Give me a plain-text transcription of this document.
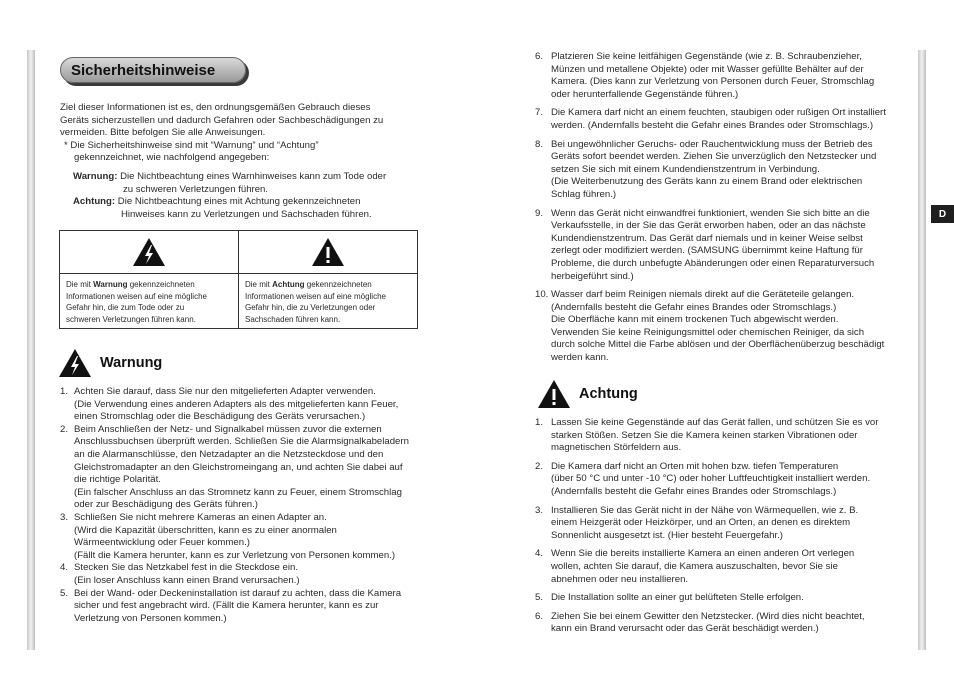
D
Sicherheitshinweise
Ziel dieser Informationen ist es, den ordnungsgemäßen Gebrauch dieses
Geräts sicherzustellen und dadurch Gefahren oder Sachbeschädigungen zu
vermeiden. Bitte befolgen Sie alle Anweisungen.
* Die Sicherheitshinweise sind mit “Warnung” und “Achtung”
gekennzeichnet, wie nachfolgend angegeben:
Warnung: Die Nichtbeachtung eines Warnhinweises kann zum Tode oder
zu schweren Verletzungen führen.
Achtung: Die Nichtbeachtung eines mit Achtung gekennzeichneten
Hinweises kann zu Verletzungen und Sachschaden führen.
Die mit Warnung gekennzeichneten
Informationen weisen auf eine mögliche
Gefahr hin, die zum Tode oder zu
schweren Verletzungen führen kann.
Die mit Achtung gekennzeichneten
Informationen weisen auf eine mögliche
Gefahr hin, die zu Verletzungen oder
Sachschaden führen kann.
Warnung
1. Achten Sie darauf, dass Sie nur den mitgelieferten Adapter verwenden.
(Die Verwendung eines anderen Adapters als des mitgelieferten kann Feuer,
einen Stromschlag oder die Beschädigung des Geräts verursachen.)
2. Beim Anschließen der Netz- und Signalkabel müssen zuvor die externen
Anschlussbuchsen überprüft werden. Schließen Sie die Alarmsignalkabeladern
an die Alarmanschlüsse, den Netzadapter an die Netzsteckdose und den
Gleichstromadapter an den Gleichstromeingang an, und achten Sie dabei auf
die richtige Polarität.
(Ein falscher Anschluss an das Stromnetz kann zu Feuer, einem Stromschlag
oder zur Beschädigung des Geräts führen.)
3. Schließen Sie nicht mehrere Kameras an einen Adapter an.
(Wird die Kapazität überschritten, kann es zu einer anormalen
Wärmeentwicklung oder Feuer kommen.)
(Fällt die Kamera herunter, kann es zur Verletzung von Personen kommen.)
4. Stecken Sie das Netzkabel fest in die Steckdose ein.
(Ein loser Anschluss kann einen Brand verursachen.)
5. Bei der Wand- oder Deckeninstallation ist darauf zu achten, dass die Kamera
sicher und fest angebracht wird. (Fällt die Kamera herunter, kann es zur
Verletzung von Personen kommen.)
6. Platzieren Sie keine leitfähigen Gegenstände (wie z. B. Schraubenzieher,
Münzen und metallene Objekte) oder mit Wasser gefüllte Behälter auf der
Kamera. (Dies kann zur Verletzung von Personen durch Feuer, Stromschlag
oder herunterfallende Gegenstände führen.)
7. Die Kamera darf nicht an einem feuchten, staubigen oder rußigen Ort installiert
werden. (Andernfalls besteht die Gefahr eines Brandes oder Stromschlags.)
8. Bei ungewöhnlicher Geruchs- oder Rauchentwicklung muss der Betrieb des
Geräts sofort beendet werden. Ziehen Sie unverzüglich den Netzstecker und
setzen Sie sich mit einem Kundendienstzentrum in Verbindung.
(Die Weiterbenutzung des Geräts kann zu einem Brand oder elektrischen
Schlag führen.)
9. Wenn das Gerät nicht einwandfrei funktioniert, wenden Sie sich bitte an die
Verkaufsstelle, in der Sie das Gerät erworben haben, oder an das nächste
Kundendienstzentrum. Das Gerät darf niemals und in keiner Weise selbst
zerlegt oder modifiziert werden. (SAMSUNG übernimmt keine Haftung für
Probleme, die durch unbefugte Abänderungen oder einen Reparaturversuch
herbeigeführt sind.)
10. Wasser darf beim Reinigen niemals direkt auf die Geräteteile gelangen.
(Andernfalls besteht die Gefahr eines Brandes oder Stromschlags.)
Die Oberfläche kann mit einem trockenen Tuch abgewischt werden.
Verwenden Sie keine Reinigungsmittel oder chemischen Reiniger, da sich
durch solche Mittel die Farbe ablösen und der Oberflächenüberzug beschädigt
werden kann.
Achtung
1. Lassen Sie keine Gegenstände auf das Gerät fallen, und schützen Sie es vor
starken Stößen. Setzen Sie die Kamera keinen starken Vibrationen oder
magnetischen Störfeldern aus.
2. Die Kamera darf nicht an Orten mit hohen bzw. tiefen Temperaturen
(über 50 °C und unter -10 °C) oder hoher Luftfeuchtigkeit installiert werden.
(Andernfalls besteht die Gefahr eines Brandes oder Stromschlags.)
3. Installieren Sie das Gerät nicht in der Nähe von Wärmequellen, wie z. B.
einem Heizgerät oder Heizkörper, und an Orten, an denen es direktem
Sonnenlicht ausgesetzt ist. (Hier besteht Feuergefahr.)
4. Wenn Sie die bereits installierte Kamera an einen anderen Ort verlegen
wollen, achten Sie darauf, die Kamera auszuschalten, bevor Sie sie
abnehmen oder neu installieren.
5. Die Installation sollte an einer gut belüfteten Stelle erfolgen.
6. Ziehen Sie bei einem Gewitter den Netzstecker. (Wird dies nicht beachtet,
kann ein Brand verursacht oder das Gerät beschädigt werden.)
